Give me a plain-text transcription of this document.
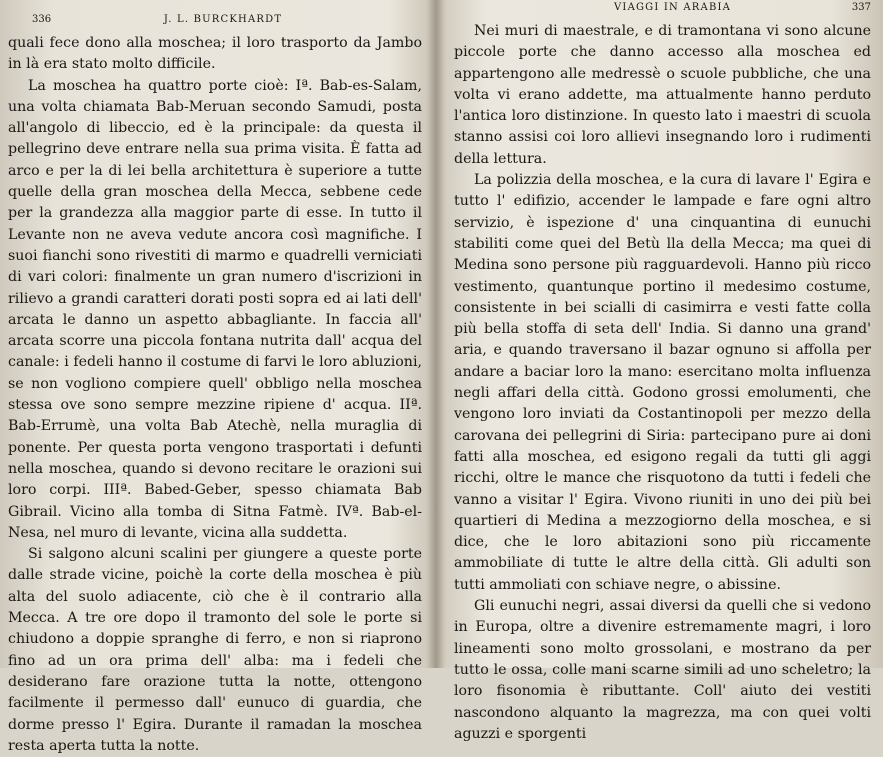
336	J. L. BURCKHARDT

quali fece dono alla moschea; il loro trasporto da Jambo in là era stato molto difficile.

La moschea ha quattro porte cioè: Iª. Bab-es-Salam, una volta chiamata Bab-Meruan secondo Samudi, posta all'angolo di libeccio, ed è la principale: da questa il pellegrino deve entrare nella sua prima visita. È fatta ad arco e per la di lei bella architettura è superiore a tutte quelle della gran moschea della Mecca, sebbene cede per la grandezza alla maggior parte di esse. In tutto il Levante non ne aveva vedute ancora così magnifiche. I suoi fianchi sono rivestiti di marmo e quadrelli verniciati di vari colori: finalmente un gran numero d'iscrizioni in rilievo a grandi caratteri dorati posti sopra ed ai lati dell' arcata le danno un aspetto abbagliante. In faccia all' arcata scorre una piccola fontana nutrita dall' acqua del canale: i fedeli hanno il costume di farvi le loro abluzioni, se non vogliono compiere quell' obbligo nella moschea stessa ove sono sempre mezzine ripiene d' acqua. IIª. Bab-Errumè, una volta Bab Atechè, nella muraglia di ponente. Per questa porta vengono trasportati i defunti nella moschea, quando si devono recitare le orazioni sui loro corpi. IIIª. Babed-Geber, spesso chiamata Bab Gibrail. Vicino alla tomba di Sitna Fatmè. IVª. Bab-el-Nesa, nel muro di levante, vicina alla suddetta.

Si salgono alcuni scalini per giungere a queste porte dalle strade vicine, poichè la corte della moschea è più alta del suolo adiacente, ciò che è il contrario alla Mecca. A tre ore dopo il tramonto del sole le porte si chiudono a doppie spranghe di ferro, e non si riaprono fino ad un ora prima dell' alba: ma i fedeli che desiderano fare orazione tutta la notte, ottengono facilmente il permesso dall' eunuco di guardia, che dorme presso l' Egira. Durante il ramadan la moschea resta aperta tutta la notte.

VIAGGI IN ARABIA	337

Nei muri di maestrale, e di tramontana vi sono alcune piccole porte che danno accesso alla moschea ed appartengono alle medressè o scuole pubbliche, che una volta vi erano addette, ma attualmente hanno perduto l'antica loro distinzione. In questo lato i maestri di scuola stanno assisi coi loro allievi insegnando loro i rudimenti della lettura.

La polizzia della moschea, e la cura di lavare l' Egira e tutto l' edifizio, accender le lampade e fare ogni altro servizio, è ispezione d' una cinquantina di eunuchi stabiliti come quei del Betù lla della Mecca; ma quei di Medina sono persone più ragguardevoli. Hanno più ricco vestimento, quantunque portino il medesimo costume, consistente in bei scialli di casimirra e vesti fatte colla più bella stoffa di seta dell' India. Si danno una grand' aria, e quando traversano il bazar ognuno si affolla per andare a baciar loro la mano: esercitano molta influenza negli affari della città. Godono grossi emolumenti, che vengono loro inviati da Costantinopoli per mezzo della carovana dei pellegrini di Siria: partecipano pure ai doni fatti alla moschea, ed esigono regali da tutti gli aggi ricchi, oltre le mance che risquotono da tutti i fedeli che vanno a visitar l' Egira. Vivono riuniti in uno dei più bei quartieri di Medina a mezzogiorno della moschea, e si dice, che le loro abitazioni sono più riccamente ammobiliate di tutte le altre della città. Gli adulti son tutti ammoliati con schiave negre, o abissine.

Gli eunuchi negri, assai diversi da quelli che si vedono in Europa, oltre a divenire estremamente magri, i loro lineamenti sono molto grossolani, e mostrano da per tutto le ossa, colle mani scarne simili ad uno scheletro; la loro fisonomia è ributtante. Coll' aiuto dei vestiti nascondono alquanto la magrezza, ma con quei volti aguzzi e sporgenti
